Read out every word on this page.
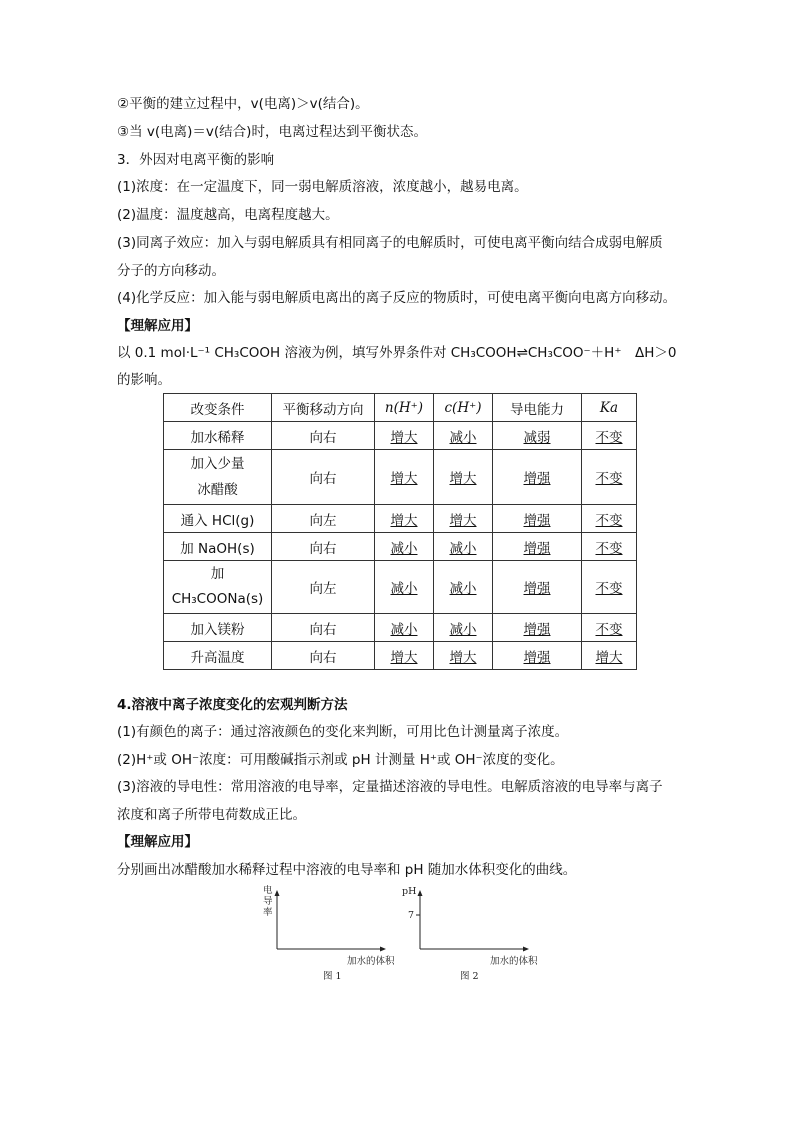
②平衡的建立过程中，v(电离)＞v(结合)。
③当 v(电离)＝v(结合)时，电离过程达到平衡状态。
3．外因对电离平衡的影响
(1)浓度：在一定温度下，同一弱电解质溶液，浓度越小，越易电离。
(2)温度：温度越高，电离程度越大。
(3)同离子效应：加入与弱电解质具有相同离子的电解质时，可使电离平衡向结合成弱电解质
分子的方向移动。
(4)化学反应：加入能与弱电解质电离出的离子反应的物质时，可使电离平衡向电离方向移动。
【理解应用】
以 0.1 mol·L⁻¹ CH₃COOH 溶液为例，填写外界条件对 CH₃COOH⇌CH₃COO⁻＋H⁺　ΔH＞0
的影响。
改变条件	平衡移动方向	n(H⁺)	c(H⁺)	导电能力	Ka
加水稀释	向右	增大	减小	减弱	不变

加入少量
冰醋酸	向右	增大	增大	增强	不变
通入 HCl(g)	向左	增大	增大	增强	不变
加 NaOH(s)	向右	减小	减小	增强	不变

加
CH₃COONa(s)	向左	减小	减小	增强	不变
加入镁粉	向右	减小	减小	增强	不变
升高温度	向右	增大	增大	增强	增大
4.溶液中离子浓度变化的宏观判断方法
(1)有颜色的离子：通过溶液颜色的变化来判断，可用比色计测量离子浓度。
(2)H⁺或 OH⁻浓度：可用酸碱指示剂或 pH 计测量 H⁺或 OH⁻浓度的变化。
(3)溶液的导电性：常用溶液的电导率，定量描述溶液的导电性。电解质溶液的电导率与离子
浓度和离子所带电荷数成正比。
【理解应用】
分别画出冰醋酸加水稀释过程中溶液的电导率和 pH 随加水体积变化的曲线。
电
导
率
加水的体积
图 1
pH
7
加水的体积
图 2
